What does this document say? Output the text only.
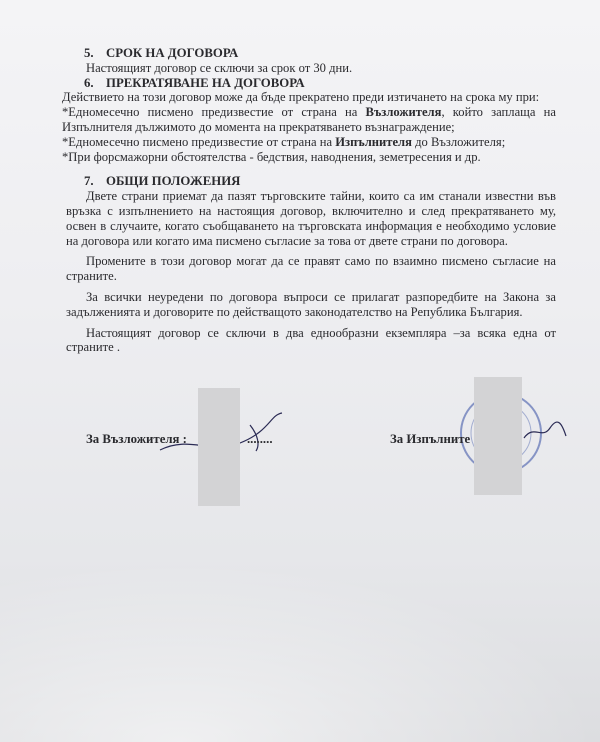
5. СРОК НА ДОГОВОРА

Настоящият договор се сключи за срок от 30 дни.

6. ПРЕКРАТЯВАНЕ НА ДОГОВОРА

Действието на този договор може да бъде прекратено преди изтичането на срока му при:

*Едномесечно писмено предизвестие от страна на Възложителя, който заплаща на Изпълнителя дължимото до момента на прекратяването възнаграждение;

*Едномесечно писмено предизвестие от страна на Изпълнителя до Възложителя;

*При форсмажорни обстоятелства - бедствия, наводнения, земетресения и др.

7. ОБЩИ ПОЛОЖЕНИЯ

Двете страни приемат да пазят търговските тайни, които са им станали известни във връзка с изпълнението на настоящия договор, включително и след прекратяването му, освен в случаите, когато съобщаването на търговската информация е необходимо условие на договора или когато има писмено съгласие за това от двете страни по договора.

Промените в този договор могат да се правят само по взаимно писмено съгласие на страните.

За всички неуредени по договора въпроси се прилагат разпоредбите на Закона за задълженията и договорите по действащото законодателство на Република България.

Настоящият договор се сключи в два еднообразни екземпляра –за всяка една от страните .

За Възложителя :	........	За Изпълните
